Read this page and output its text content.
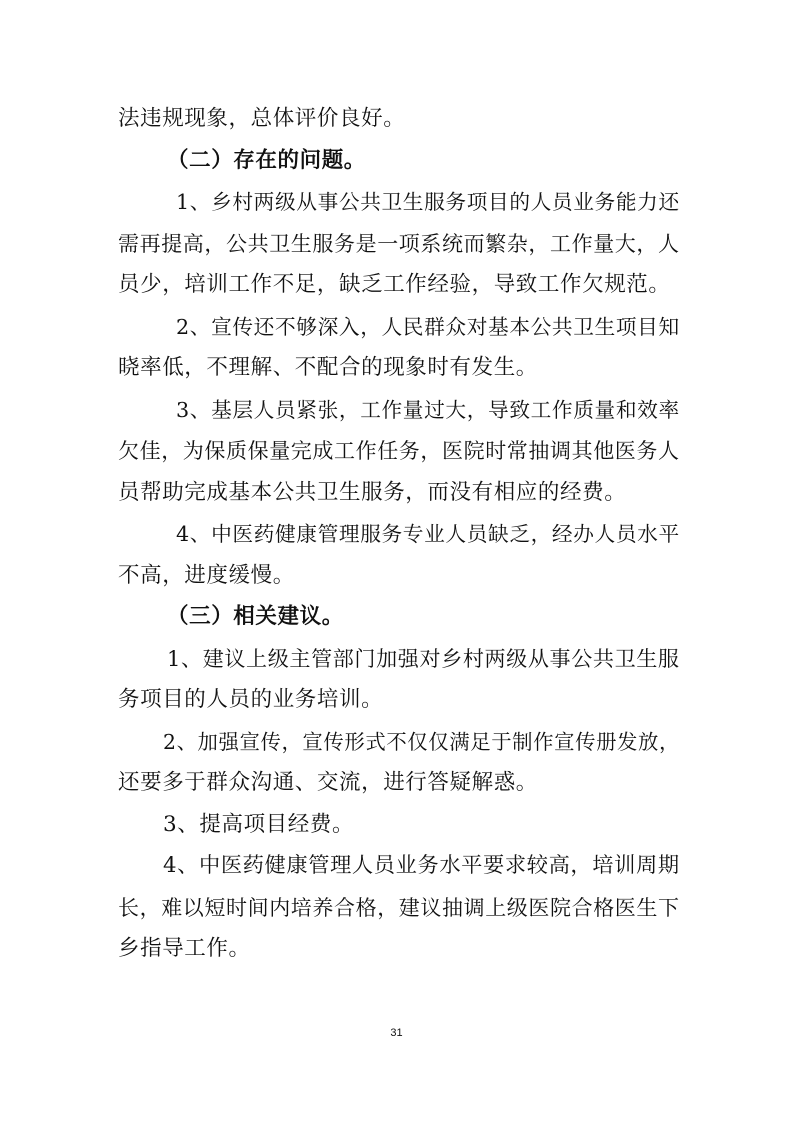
法违规现象，总体评价良好。

（二）存在的问题。

1、乡村两级从事公共卫生服务项目的人员业务能力还

需再提高，公共卫生服务是一项系统而繁杂，工作量大，人

员少，培训工作不足，缺乏工作经验，导致工作欠规范。

2、宣传还不够深入，人民群众对基本公共卫生项目知

晓率低，不理解、不配合的现象时有发生。

3、基层人员紧张，工作量过大，导致工作质量和效率

欠佳，为保质保量完成工作任务，医院时常抽调其他医务人

员帮助完成基本公共卫生服务，而没有相应的经费。

4、中医药健康管理服务专业人员缺乏，经办人员水平

不高，进度缓慢。

（三）相关建议。

1、建议上级主管部门加强对乡村两级从事公共卫生服

务项目的人员的业务培训。

2、加强宣传，宣传形式不仅仅满足于制作宣传册发放，

还要多于群众沟通、交流，进行答疑解惑。

3、提高项目经费。

4、中医药健康管理人员业务水平要求较高，培训周期

长，难以短时间内培养合格，建议抽调上级医院合格医生下

乡指导工作。

31
